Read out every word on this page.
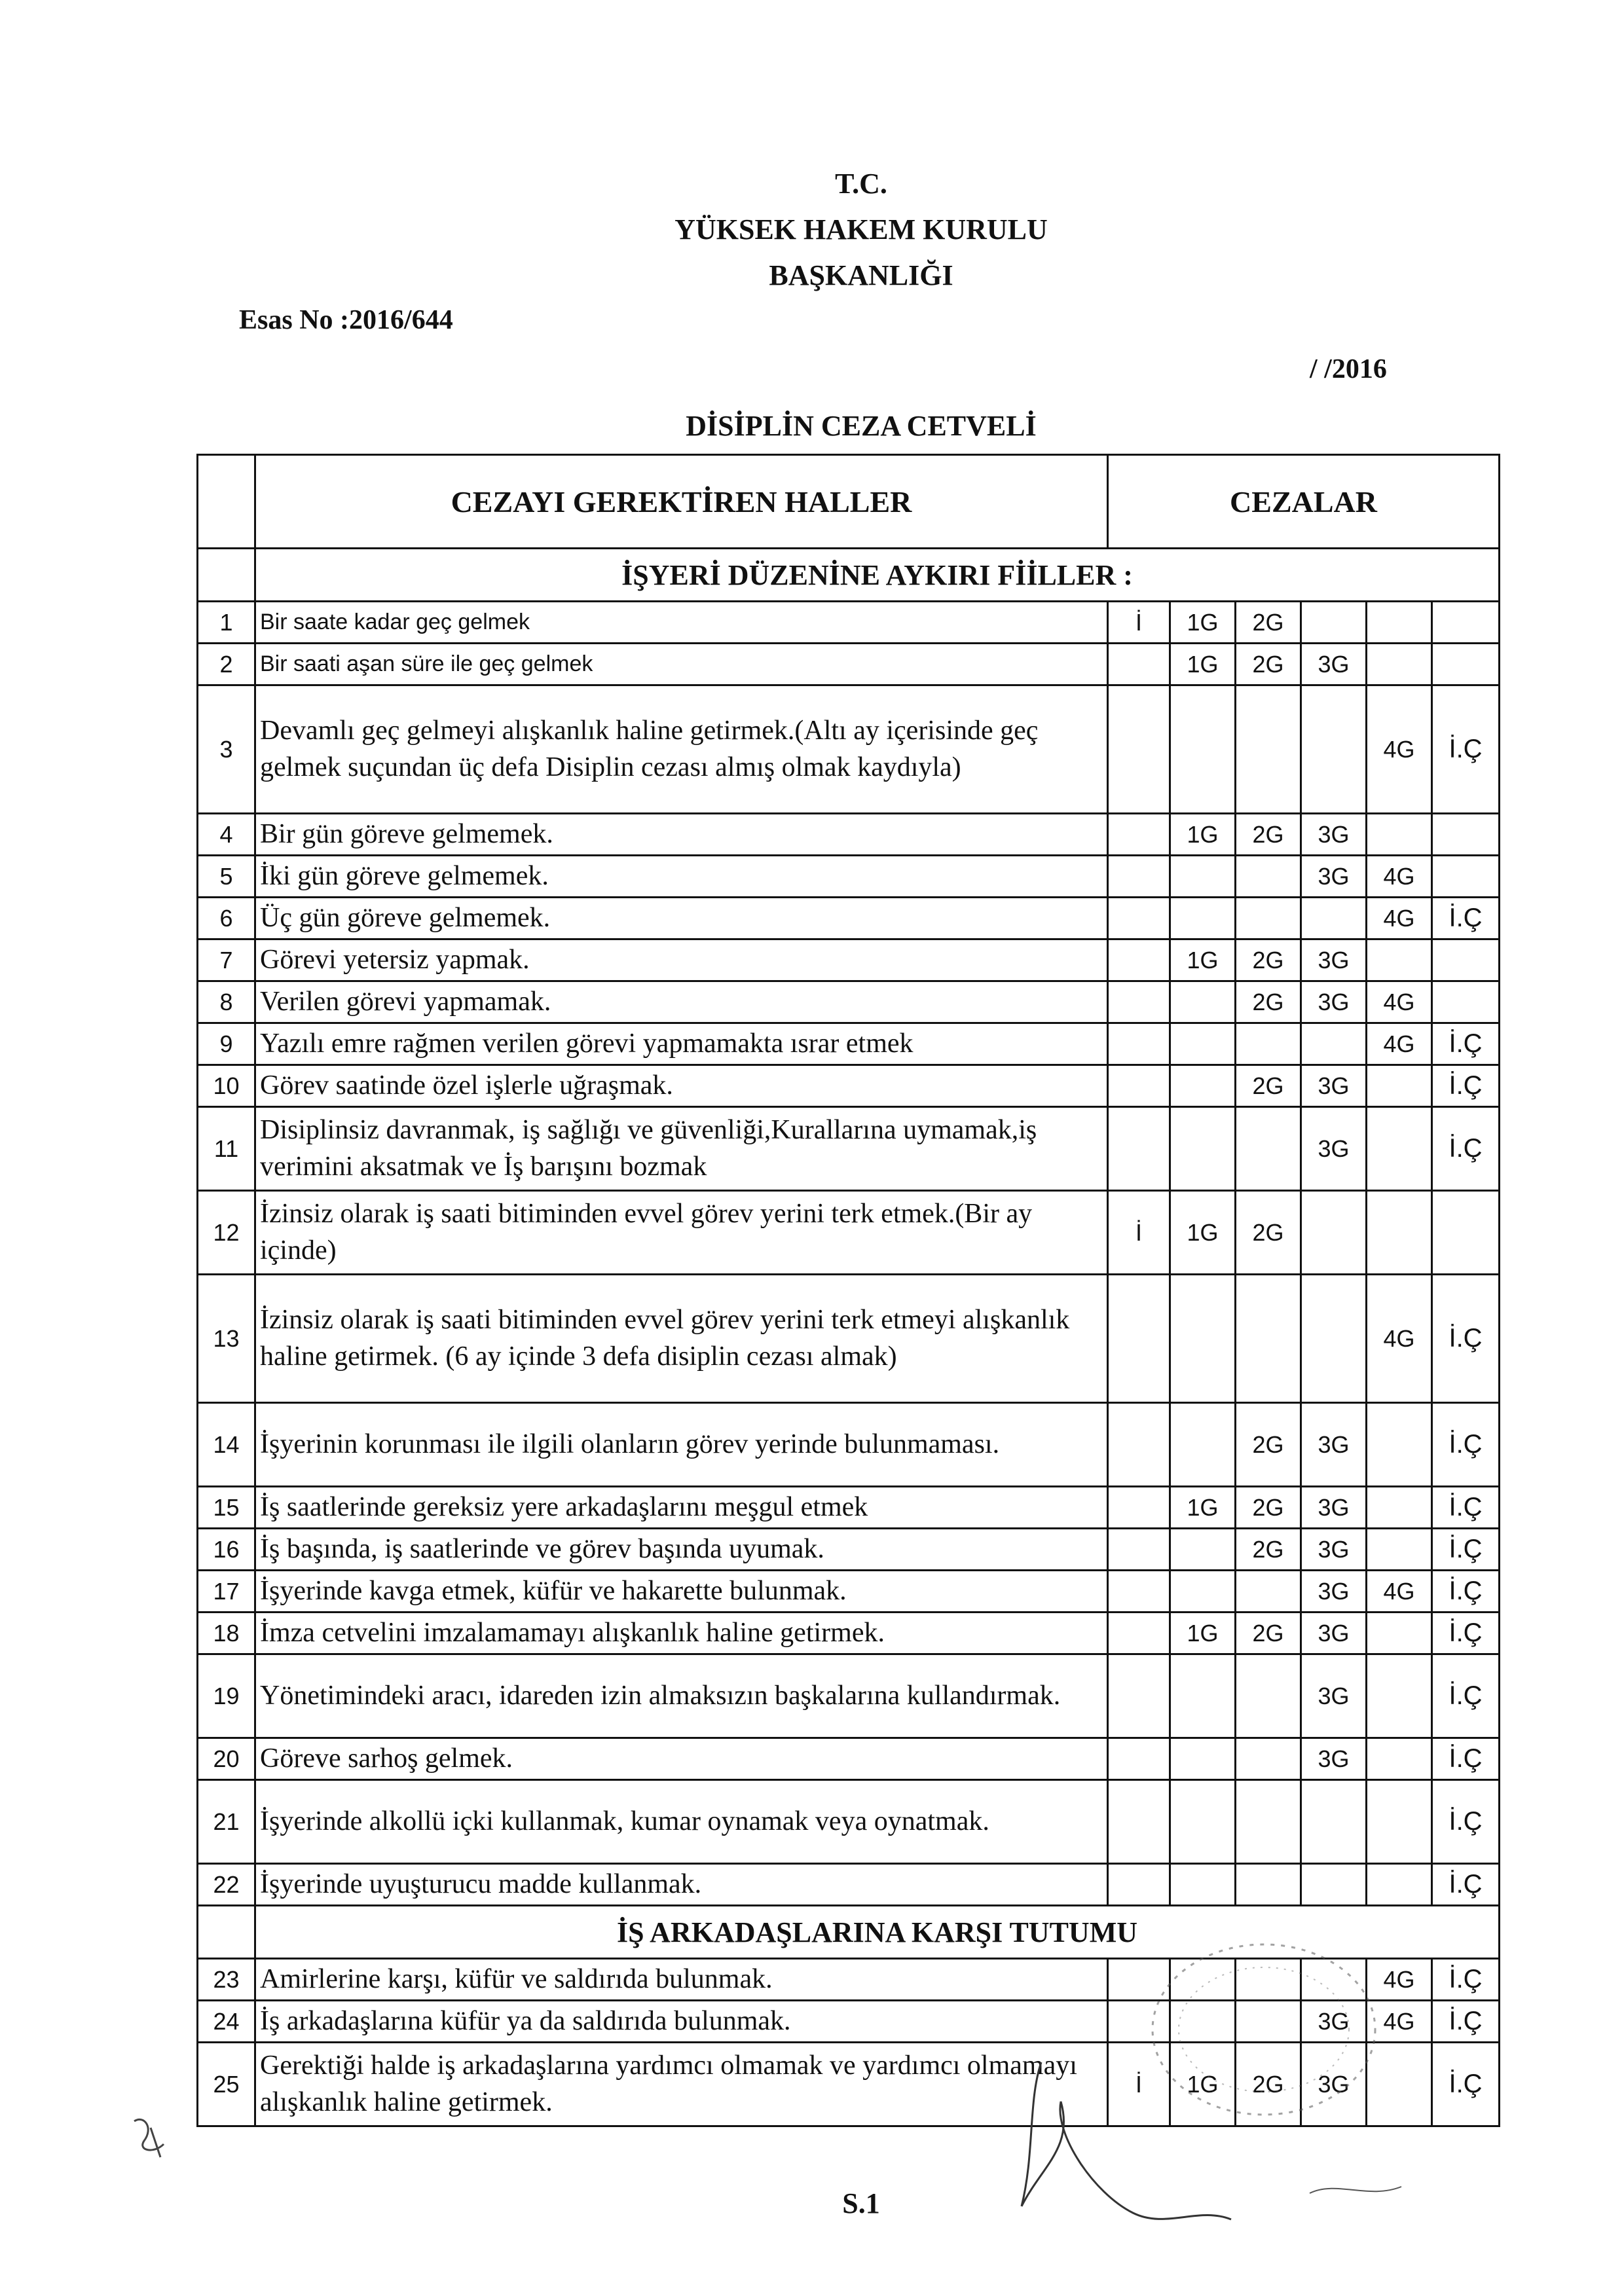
T.C.
YÜKSEK HAKEM KURULU
BAŞKANLIĞI
Esas No :2016/644
/ /2016
DİSİPLİN CEZA CETVELİ
	CEZAYI GEREKTİREN HALLER	CEZALAR					
	İŞYERİ DÜZENİNE AYKIRI FİİLLER :						
1	Bir saate kadar geç gelmek	İ	1G	2G			
2	Bir saati aşan süre ile geç gelmek		1G	2G	3G		
3	Devamlı geç gelmeyi alışkanlık haline getirmek.(Altı ay içerisinde geç gelmek suçundan üç defa Disiplin cezası almış olmak kaydıyla)					4G	İ.Ç
4	Bir gün göreve gelmemek.		1G	2G	3G		
5	İki gün göreve gelmemek.				3G	4G	
6	Üç gün göreve gelmemek.					4G	İ.Ç
7	Görevi yetersiz yapmak.		1G	2G	3G		
8	Verilen görevi yapmamak.			2G	3G	4G	
9	Yazılı emre rağmen verilen görevi yapmamakta ısrar etmek					4G	İ.Ç
10	Görev saatinde özel işlerle uğraşmak.			2G	3G		İ.Ç
11	Disiplinsiz davranmak, iş sağlığı ve güvenliği,Kurallarına uymamak,iş verimini aksatmak ve İş barışını bozmak				3G		İ.Ç
12	İzinsiz olarak iş saati bitiminden evvel görev yerini terk etmek.(Bir ay içinde)	İ	1G	2G			
13	İzinsiz olarak iş saati bitiminden evvel görev yerini terk etmeyi alışkanlık haline getirmek. (6 ay içinde 3 defa disiplin cezası almak)					4G	İ.Ç
14	İşyerinin korunması ile ilgili olanların görev yerinde bulunmaması.			2G	3G		İ.Ç
15	İş saatlerinde gereksiz yere arkadaşlarını meşgul etmek		1G	2G	3G		İ.Ç
16	İş başında, iş saatlerinde ve görev başında uyumak.			2G	3G		İ.Ç
17	İşyerinde kavga etmek, küfür ve hakarette bulunmak.				3G	4G	İ.Ç
18	İmza cetvelini imzalamamayı alışkanlık haline getirmek.		1G	2G	3G		İ.Ç
19	Yönetimindeki aracı, idareden izin almaksızın başkalarına kullandırmak.				3G		İ.Ç
20	Göreve sarhoş gelmek.				3G		İ.Ç
21	İşyerinde alkollü içki kullanmak, kumar oynamak veya oynatmak.						İ.Ç
22	İşyerinde uyuşturucu madde kullanmak.						İ.Ç
	İŞ ARKADAŞLARINA KARŞI TUTUMU						
23	Amirlerine karşı, küfür ve saldırıda bulunmak.					4G	İ.Ç
24	İş arkadaşlarına küfür ya da saldırıda bulunmak.				3G	4G	İ.Ç
25	Gerektiği halde iş arkadaşlarına yardımcı olmamak ve yardımcı olmamayı alışkanlık haline getirmek.	İ	1G	2G	3G		İ.Ç
S.1
